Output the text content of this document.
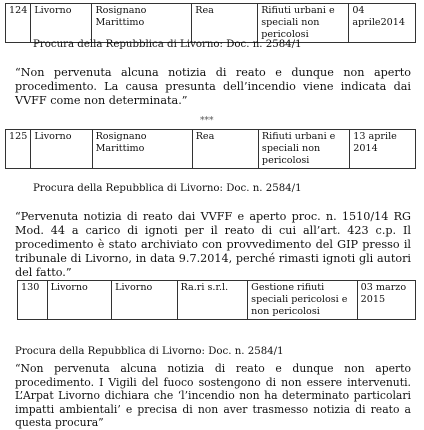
124	Livorno	Rosignano Marittimo	Rea	Rifiuti urbani e speciali non pericolosi	04 aprile2014
Procura della Repubblica di Livorno: Doc. n. 2584/1
“Non pervenuta alcuna notizia di reato e dunque non aperto procedimento. La causa presunta dell’incendio viene indicata dai VVFF come non determinata.”
***
125	Livorno	Rosignano Marittimo	Rea	Rifiuti urbani e speciali non pericolosi	13 aprile 2014
Procura della Repubblica di Livorno: Doc. n. 2584/1
“Pervenuta notizia di reato dai VVFF e aperto proc. n. 1510/14 RG Mod. 44 a carico di ignoti per il reato di cui all’art. 423 c.p. Il procedimento è stato archiviato con provvedimento del GIP presso il tribunale di Livorno, in data 9.7.2014, perché rimasti ignoti gli autori del fatto.”
130	Livorno	Livorno	Ra.ri s.r.l.	Gestione rifiuti speciali pericolosi e non pericolosi	03 marzo 2015
Procura della Repubblica di Livorno: Doc. n. 2584/1
“Non pervenuta alcuna notizia di reato e dunque non aperto procedimento. I Vigili del fuoco sostengono di non essere intervenuti. L’Arpat Livorno dichiara che ‘l’incendio non ha determinato particolari impatti ambientali’ e precisa di non aver trasmesso notizia di reato a questa procura”
